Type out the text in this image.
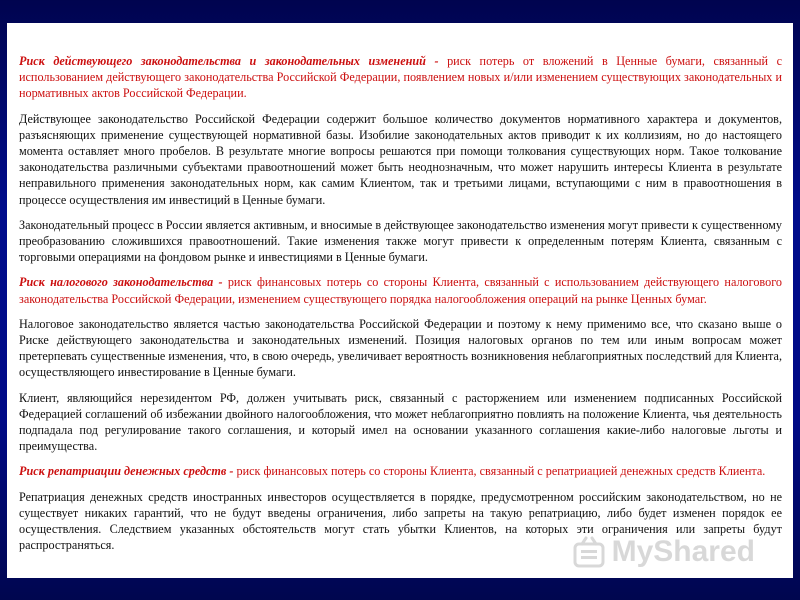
Риск действующего законодательства и законодательных изменений - риск потерь от вложений в Ценные бумаги, связанный с использованием действующего законодательства Российской Федерации, появлением новых и/или изменением существующих законодательных и нормативных актов Российской Федерации.

Действующее законодательство Российской Федерации содержит большое количество документов нормативного характера и документов, разъясняющих применение существующей нормативной базы. Изобилие законодательных актов приводит к их коллизиям, но до настоящего момента оставляет много пробелов. В результате многие вопросы решаются при помощи толкования существующих норм. Такое толкование законодательства различными субъектами правоотношений может быть неоднозначным, что может нарушить интересы Клиента в результате неправильного применения законодательных норм, как самим Клиентом, так и третьими лицами, вступающими с ним в правоотношения в процессе осуществления им инвестиций в Ценные бумаги.

Законодательный процесс в России является активным, и вносимые в действующее законодательство изменения могут привести к существенному преобразованию сложившихся правоотношений. Такие изменения также могут привести к определенным потерям Клиента, связанным с торговыми операциями на фондовом рынке и инвестициями в Ценные бумаги.

Риск налогового законодательства - риск финансовых потерь со стороны Клиента, связанный с использованием действующего налогового законодательства Российской Федерации, изменением существующего порядка налогообложения операций на рынке Ценных бумаг.

Налоговое законодательство является частью законодательства Российской Федерации и поэтому к нему применимо все, что сказано выше о Риске действующего законодательства и законодательных изменений. Позиция налоговых органов по тем или иным вопросам может претерпевать существенные изменения, что, в свою очередь, увеличивает вероятность возникновения неблагоприятных последствий для Клиента, осуществляющего инвестирование в Ценные бумаги.

Клиент, являющийся нерезидентом РФ, должен учитывать риск, связанный с расторжением или изменением подписанных Российской Федерацией соглашений об избежании двойного налогообложения, что может неблагоприятно повлиять на положение Клиента, чья деятельность подпадала под регулирование такого соглашения, и который имел на основании указанного соглашения какие-либо налоговые льготы и преимущества.

Риск репатриации денежных средств - риск финансовых потерь со стороны Клиента, связанный с репатриацией денежных средств Клиента.

Репатриация денежных средств иностранных инвесторов осуществляется в порядке, предусмотренном российским законодательством, но не существует никаких гарантий, что не будут введены ограничения, либо запреты на такую репатриацию, либо будет изменен порядок ее осуществления. Следствием указанных обстоятельств могут стать убытки Клиентов, на которых эти ограничения или запреты будут распространяться.	MyShared
